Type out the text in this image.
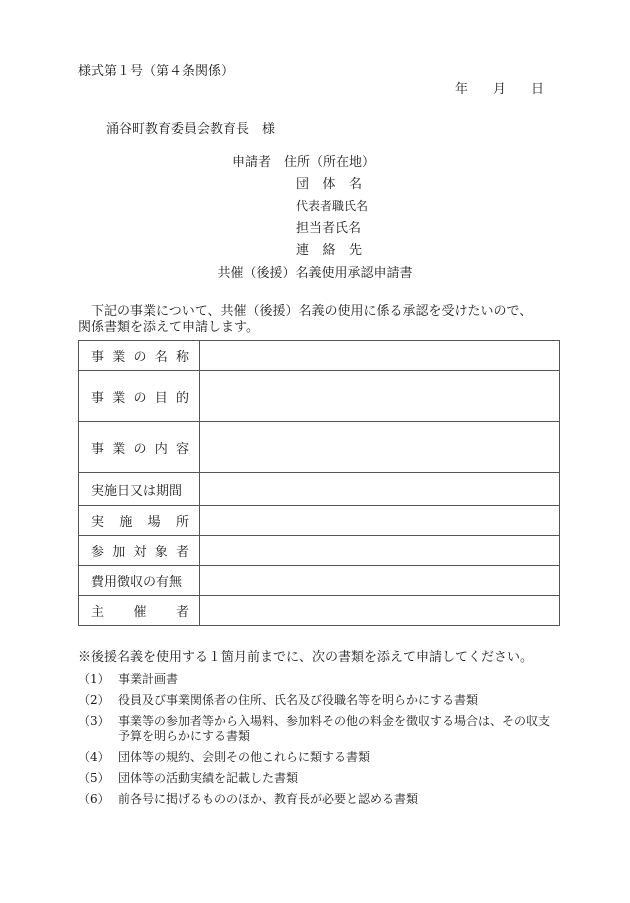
様式第１号（第４条関係）
年 月 日
涌谷町教育委員会教育長　様
申請者　住所（所在地）
団 体 名
代表者職氏名
担当者氏名
連 絡 先
共催（後援）名義使用承認申請書

下記の事業について、共催（後援）名義の使用に係る承認を受けたいので、

関係書類を添えて申請します。

事 業 の 名 称	

事 業 の 目 的	

事 業 の 内 容	

実施日又は期間	

実 施 場 所	

参 加 対 象 者	

費用徴収の有無	

主 催 者	

※後援名義を使用する１箇月前までに、次の書類を添えて申請してください。

（1） 事業計画書
（2） 役員及び事業関係者の住所、氏名及び役職名等を明らかにする書類
（3） 事業等の参加者等から入場料、参加料その他の料金を徴収する場合は、その収支
予算を明らかにする書類
（4） 団体等の規約、会則その他これらに類する書類
（5） 団体等の活動実績を記載した書類
（6） 前各号に掲げるもののほか、教育長が必要と認める書類
